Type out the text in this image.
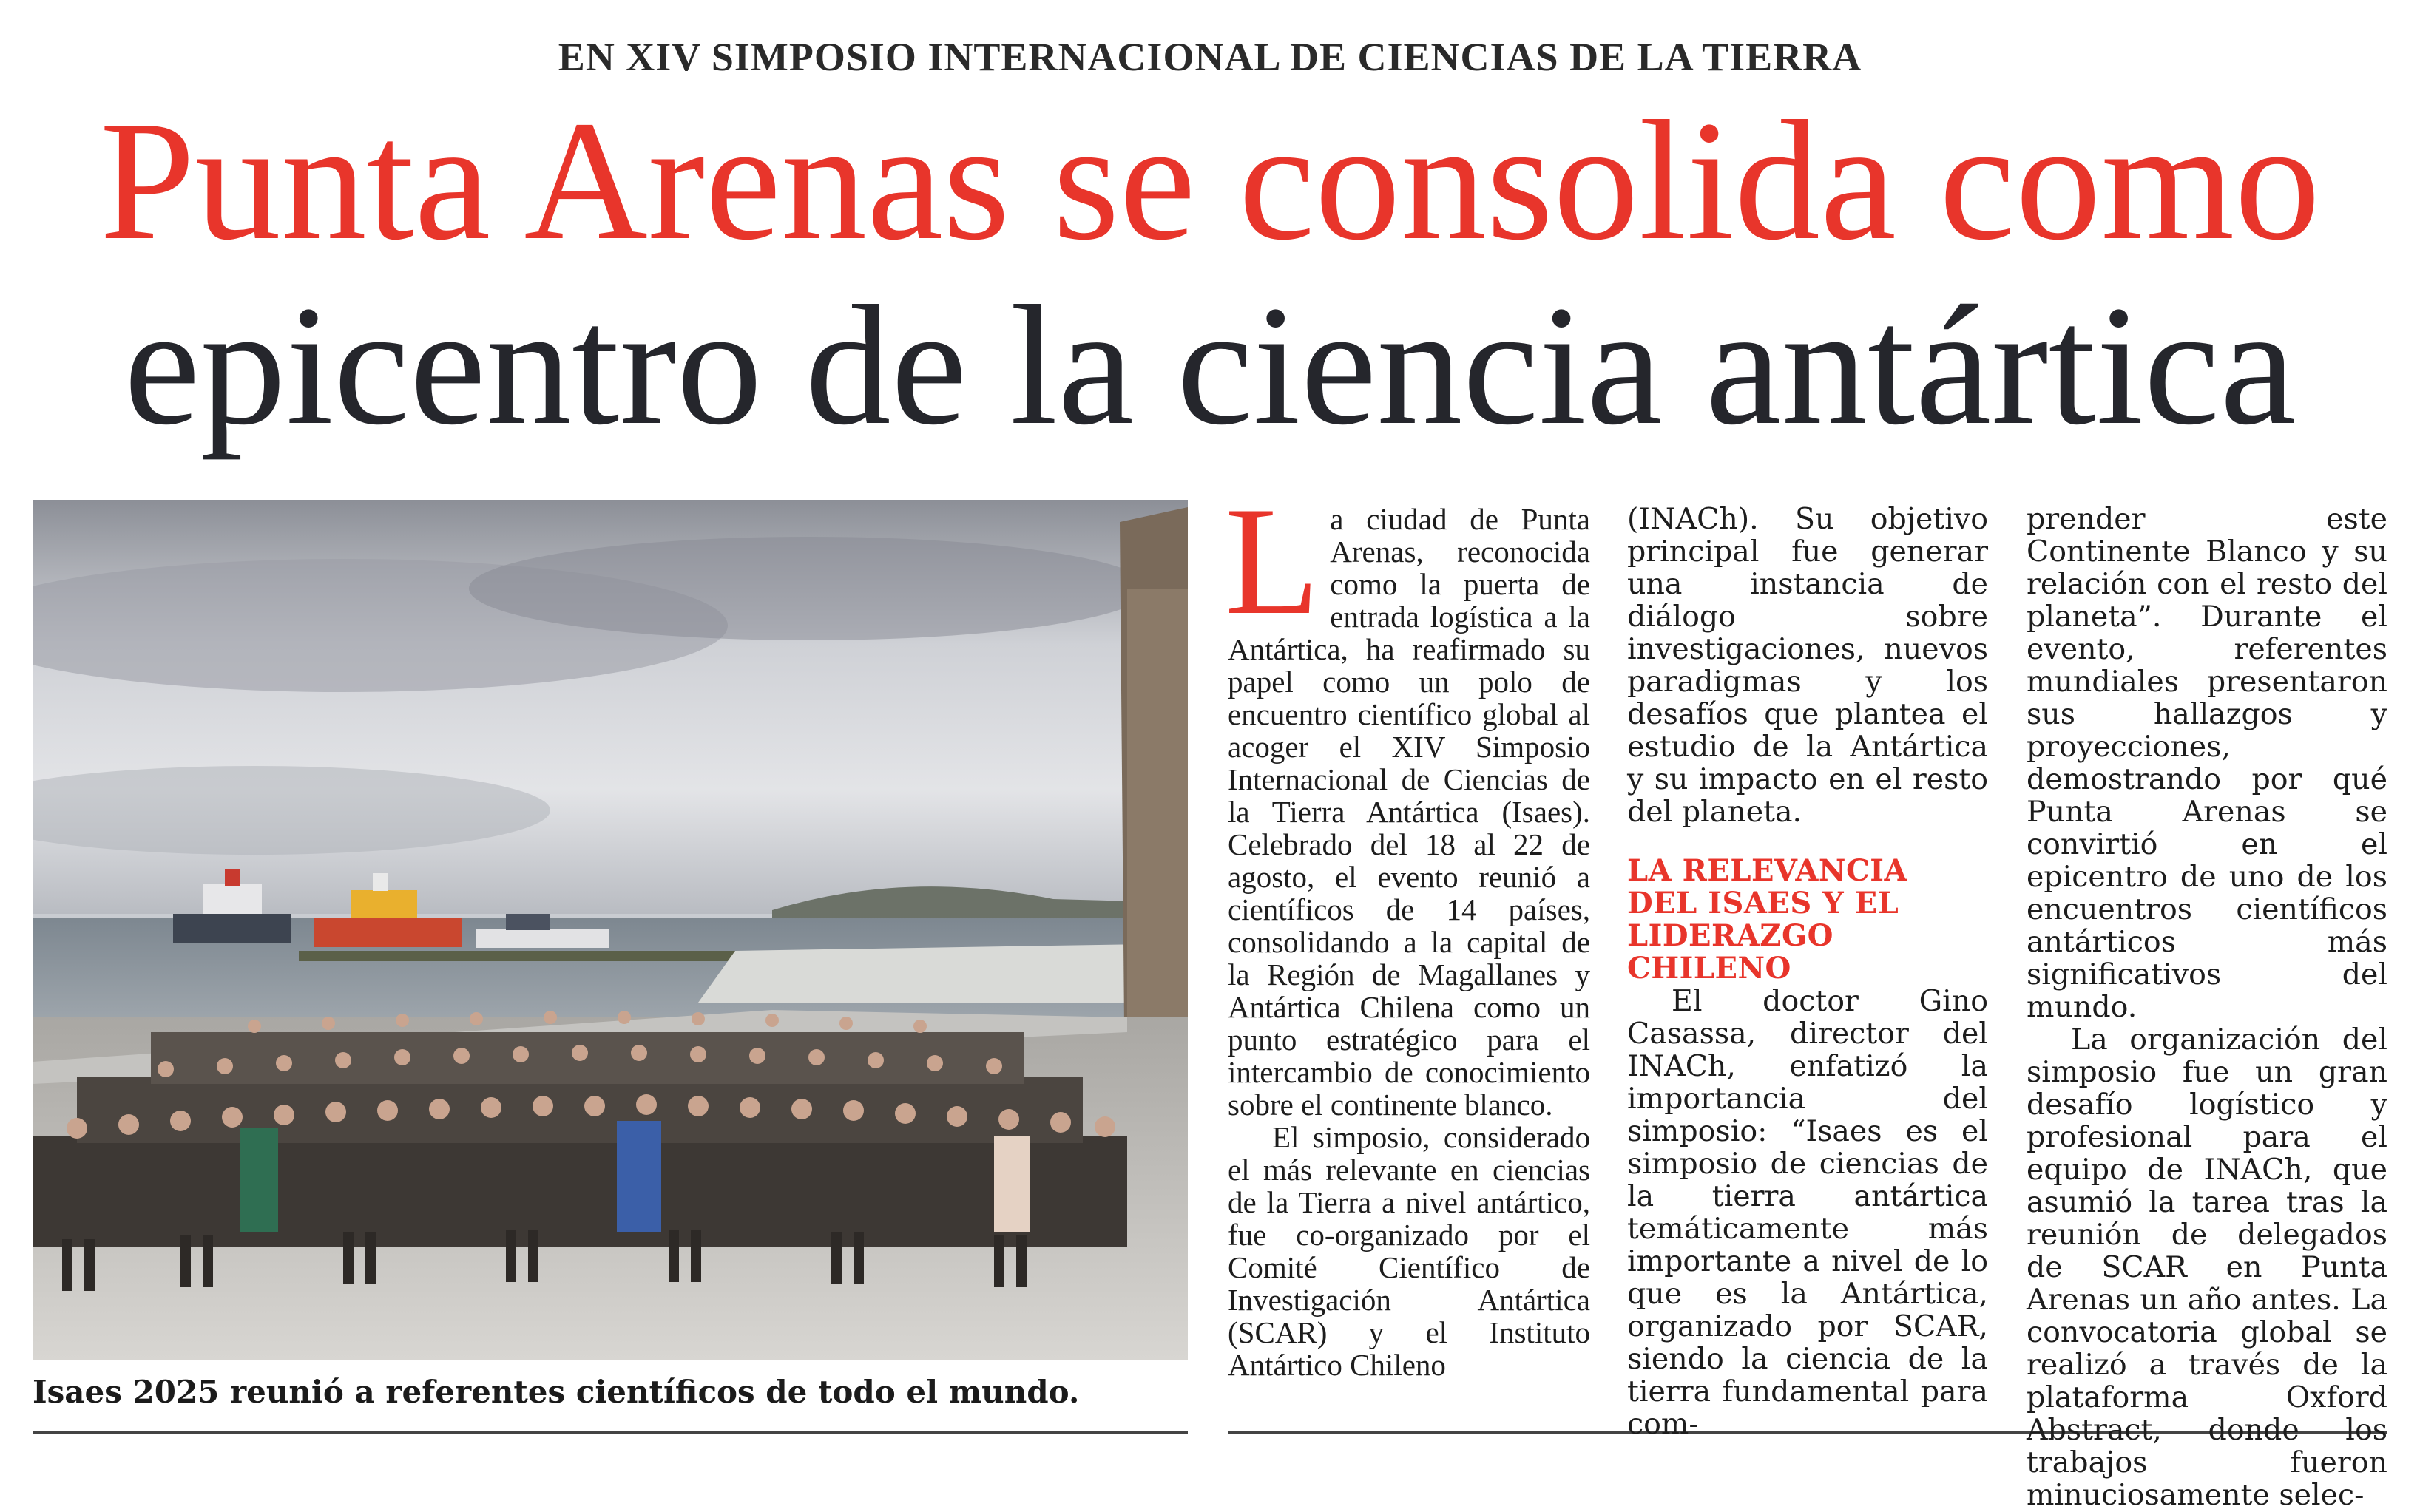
EN XIV SIMPOSIO INTERNACIONAL DE CIENCIAS DE LA TIERRA
Punta Arenas se consolida como
epicentro de la ciencia antártica
Isaes 2025 reunió a referentes científicos de todo el mundo.
L a ciudad de Punta Arenas, reconocida como la puerta de entrada logística a la Antártica, ha reafirmado su papel como un polo de encuentro científico global al acoger el XIV Simposio Internacional de Ciencias de la Tierra Antártica (Isaes). Celebrado del 18 al 22 de agosto, el evento reunió a científicos de 14 países, consolidando a la capital de la Región de Magallanes y Antártica Chilena como un punto estratégico para el intercambio de conocimiento sobre el continente blanco.

El simposio, considerado el más relevante en ciencias de la Tierra a nivel antártico, fue co-organizado por el Comité Científico de Investigación Antártica (SCAR) y el Instituto Antártico Chileno

(INACh). Su objetivo principal fue generar una instancia de diálogo sobre investigaciones, nuevos paradigmas y los desafíos que plantea el estudio de la Antártica y su impacto en el resto del planeta.

LA RELEVANCIA DEL ISAES Y EL LIDERAZGO CHILENO

El doctor Gino Casassa, director del INACh, enfatizó la importancia del simposio: “Isaes es el simposio de ciencias de la tierra antártica temáticamente más importante a nivel de lo que es la Antártica, organizado por SCAR, siendo la ciencia de la tierra fundamental para com-

prender este Continente Blanco y su relación con el resto del planeta”. Durante el evento, referentes mundiales presentaron sus hallazgos y proyecciones, demostrando por qué Punta Arenas se convirtió en el epicentro de uno de los encuentros científicos antárticos más significativos del mundo.

La organización del simposio fue un gran desafío logístico y profesional para el equipo de INACh, que asumió la tarea tras la reunión de delegados de SCAR en Punta Arenas un año antes. La convocatoria global se realizó a través de la plataforma Oxford Abstract, donde los trabajos fueron minuciosamente selec-
